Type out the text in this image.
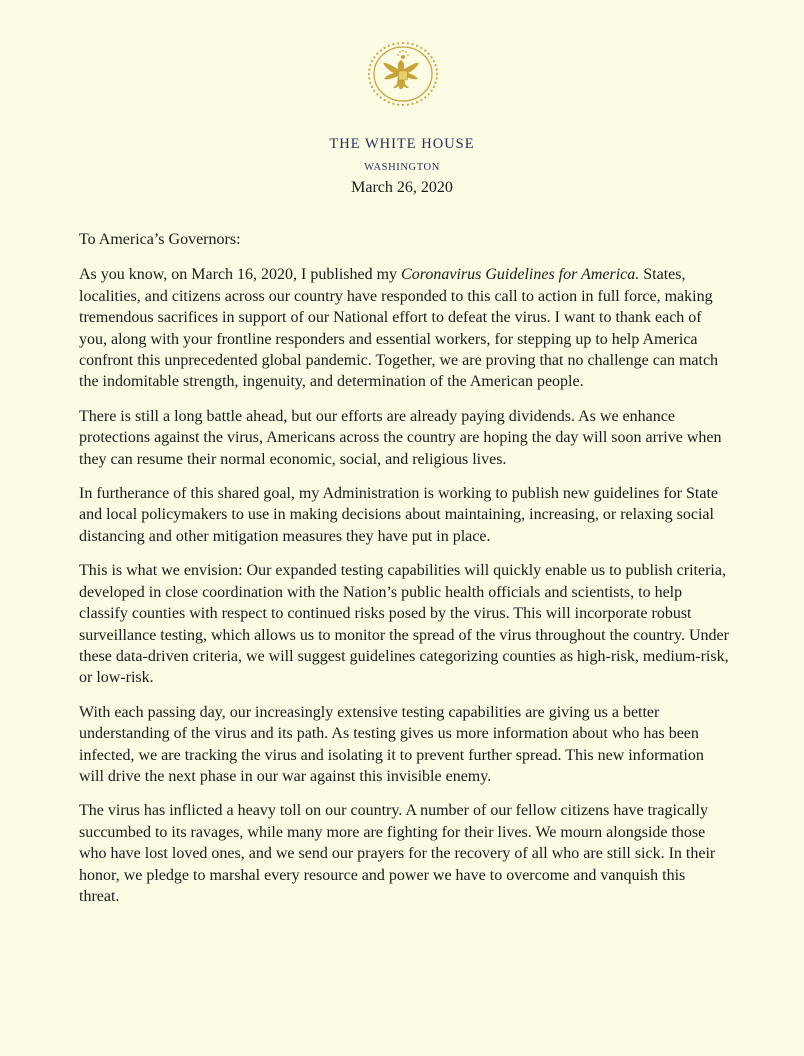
THE WHITE HOUSE
WASHINGTON
March 26, 2020

To America’s Governors:

As you know, on March 16, 2020, I published my Coronavirus Guidelines for America. States, localities, and citizens across our country have responded to this call to action in full force, making tremendous sacrifices in support of our National effort to defeat the virus. I want to thank each of you, along with your frontline responders and essential workers, for stepping up to help America confront this unprecedented global pandemic. Together, we are proving that no challenge can match the indomitable strength, ingenuity, and determination of the American people.

There is still a long battle ahead, but our efforts are already paying dividends. As we enhance protections against the virus, Americans across the country are hoping the day will soon arrive when they can resume their normal economic, social, and religious lives.

In furtherance of this shared goal, my Administration is working to publish new guidelines for State and local policymakers to use in making decisions about maintaining, increasing, or relaxing social distancing and other mitigation measures they have put in place.

This is what we envision: Our expanded testing capabilities will quickly enable us to publish criteria, developed in close coordination with the Nation’s public health officials and scientists, to help classify counties with respect to continued risks posed by the virus. This will incorporate robust surveillance testing, which allows us to monitor the spread of the virus throughout the country. Under these data-driven criteria, we will suggest guidelines categorizing counties as high-risk, medium-risk, or low-risk.

With each passing day, our increasingly extensive testing capabilities are giving us a better understanding of the virus and its path. As testing gives us more information about who has been infected, we are tracking the virus and isolating it to prevent further spread. This new information will drive the next phase in our war against this invisible enemy.

The virus has inflicted a heavy toll on our country. A number of our fellow citizens have tragically succumbed to its ravages, while many more are fighting for their lives. We mourn alongside those who have lost loved ones, and we send our prayers for the recovery of all who are still sick. In their honor, we pledge to marshal every resource and power we have to overcome and vanquish this threat.
